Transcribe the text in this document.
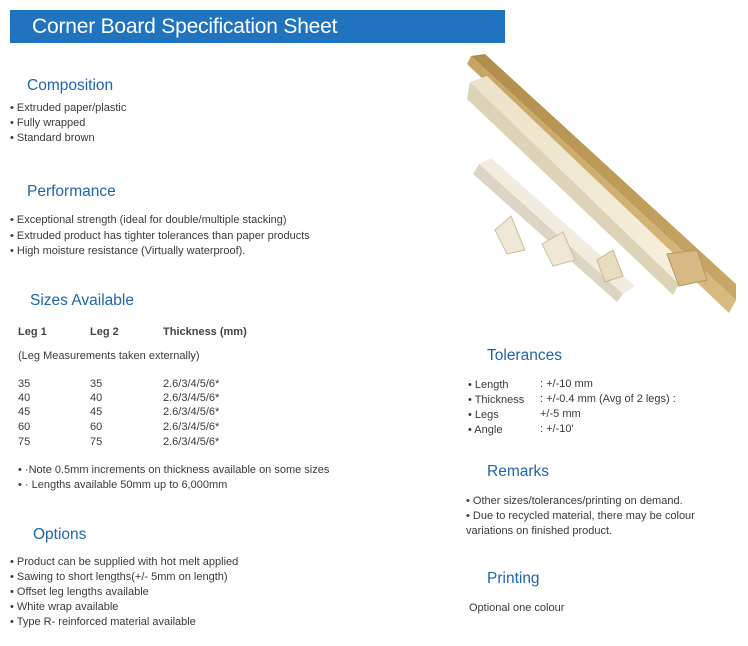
Corner Board Specification Sheet
Composition
• Extruded paper/plastic
• Fully wrapped
• Standard brown
Performance
• Exceptional strength (ideal for double/multiple stacking)
• Extruded product has tighter tolerances than paper products
• High moisture resistance (Virtually waterproof).
Sizes Available
Leg 1	Leg 2	Thickness (mm)
(Leg Measurements taken externally)
35	35	2.6/3/4/5/6*
40	40	2.6/3/4/5/6*
45	45	2.6/3/4/5/6*
60	60	2.6/3/4/5/6*
75	75	2.6/3/4/5/6*
• ·Note 0.5mm increments on thickness available on some sizes
• · Lengths available 50mm up to 6,000mm
Options
• Product can be supplied with hot melt applied
• Sawing to short lengths(+/- 5mm on length)
• Offset leg lengths available
• White wrap available
• Type R- reinforced material available
Tolerances
• Length	: +/-10 mm
• Thickness : +/-0.4 mm (Avg of 2 legs) :
• Legs	+/-5 mm
• Angle	: +/-10'
Remarks
• Other sizes/tolerances/printing on demand.
• Due to recycled material, there may be colour
variations on finished product.
Printing
Optional one colour
